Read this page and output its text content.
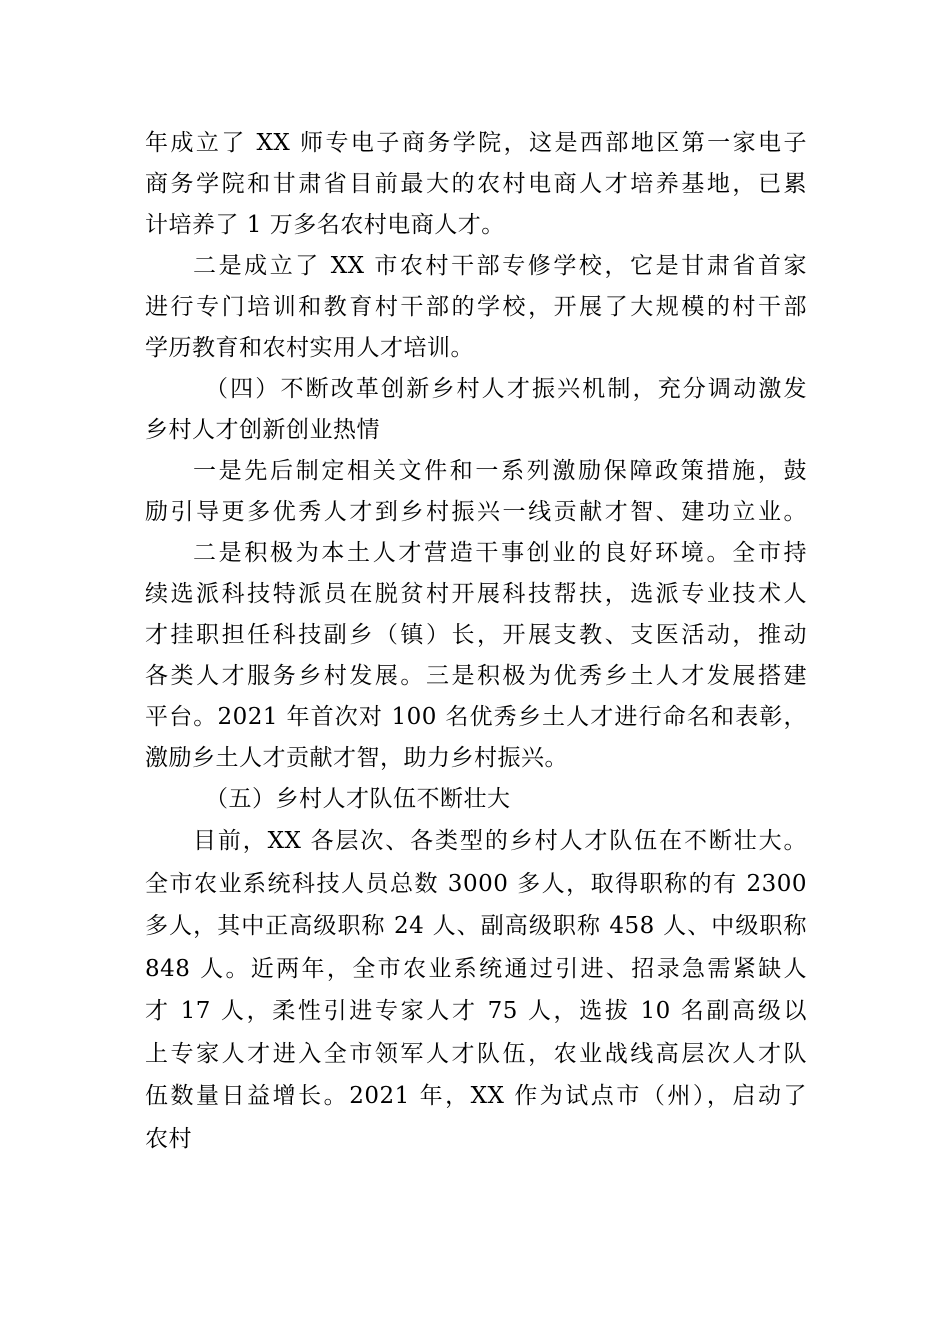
年成立了 XX 师专电子商务学院，这是西部地区第一家电子
商务学院和甘肃省目前最大的农村电商人才培养基地，已累
计培养了 1 万多名农村电商人才。
二是成立了 XX 市农村干部专修学校，它是甘肃省首家
进行专门培训和教育村干部的学校，开展了大规模的村干部
学历教育和农村实用人才培训。
（四）不断改革创新乡村人才振兴机制，充分调动激发
乡村人才创新创业热情
一是先后制定相关文件和一系列激励保障政策措施，鼓
励引导更多优秀人才到乡村振兴一线贡献才智、建功立业。
二是积极为本土人才营造干事创业的良好环境。全市持
续选派科技特派员在脱贫村开展科技帮扶，选派专业技术人
才挂职担任科技副乡（镇）长，开展支教、支医活动，推动
各类人才服务乡村发展。三是积极为优秀乡土人才发展搭建
平台。2021 年首次对 100 名优秀乡土人才进行命名和表彰，
激励乡土人才贡献才智，助力乡村振兴。
（五）乡村人才队伍不断壮大
目前，XX 各层次、各类型的乡村人才队伍在不断壮大。
全市农业系统科技人员总数 3000 多人，取得职称的有 2300
多人，其中正高级职称 24 人、副高级职称 458 人、中级职称
848 人。近两年，全市农业系统通过引进、招录急需紧缺人
才 17 人，柔性引进专家人才 75 人，选拔 10 名副高级以
上专家人才进入全市领军人才队伍，农业战线高层次人才队
伍数量日益增长。2021 年，XX 作为试点市（州），启动了
农村
